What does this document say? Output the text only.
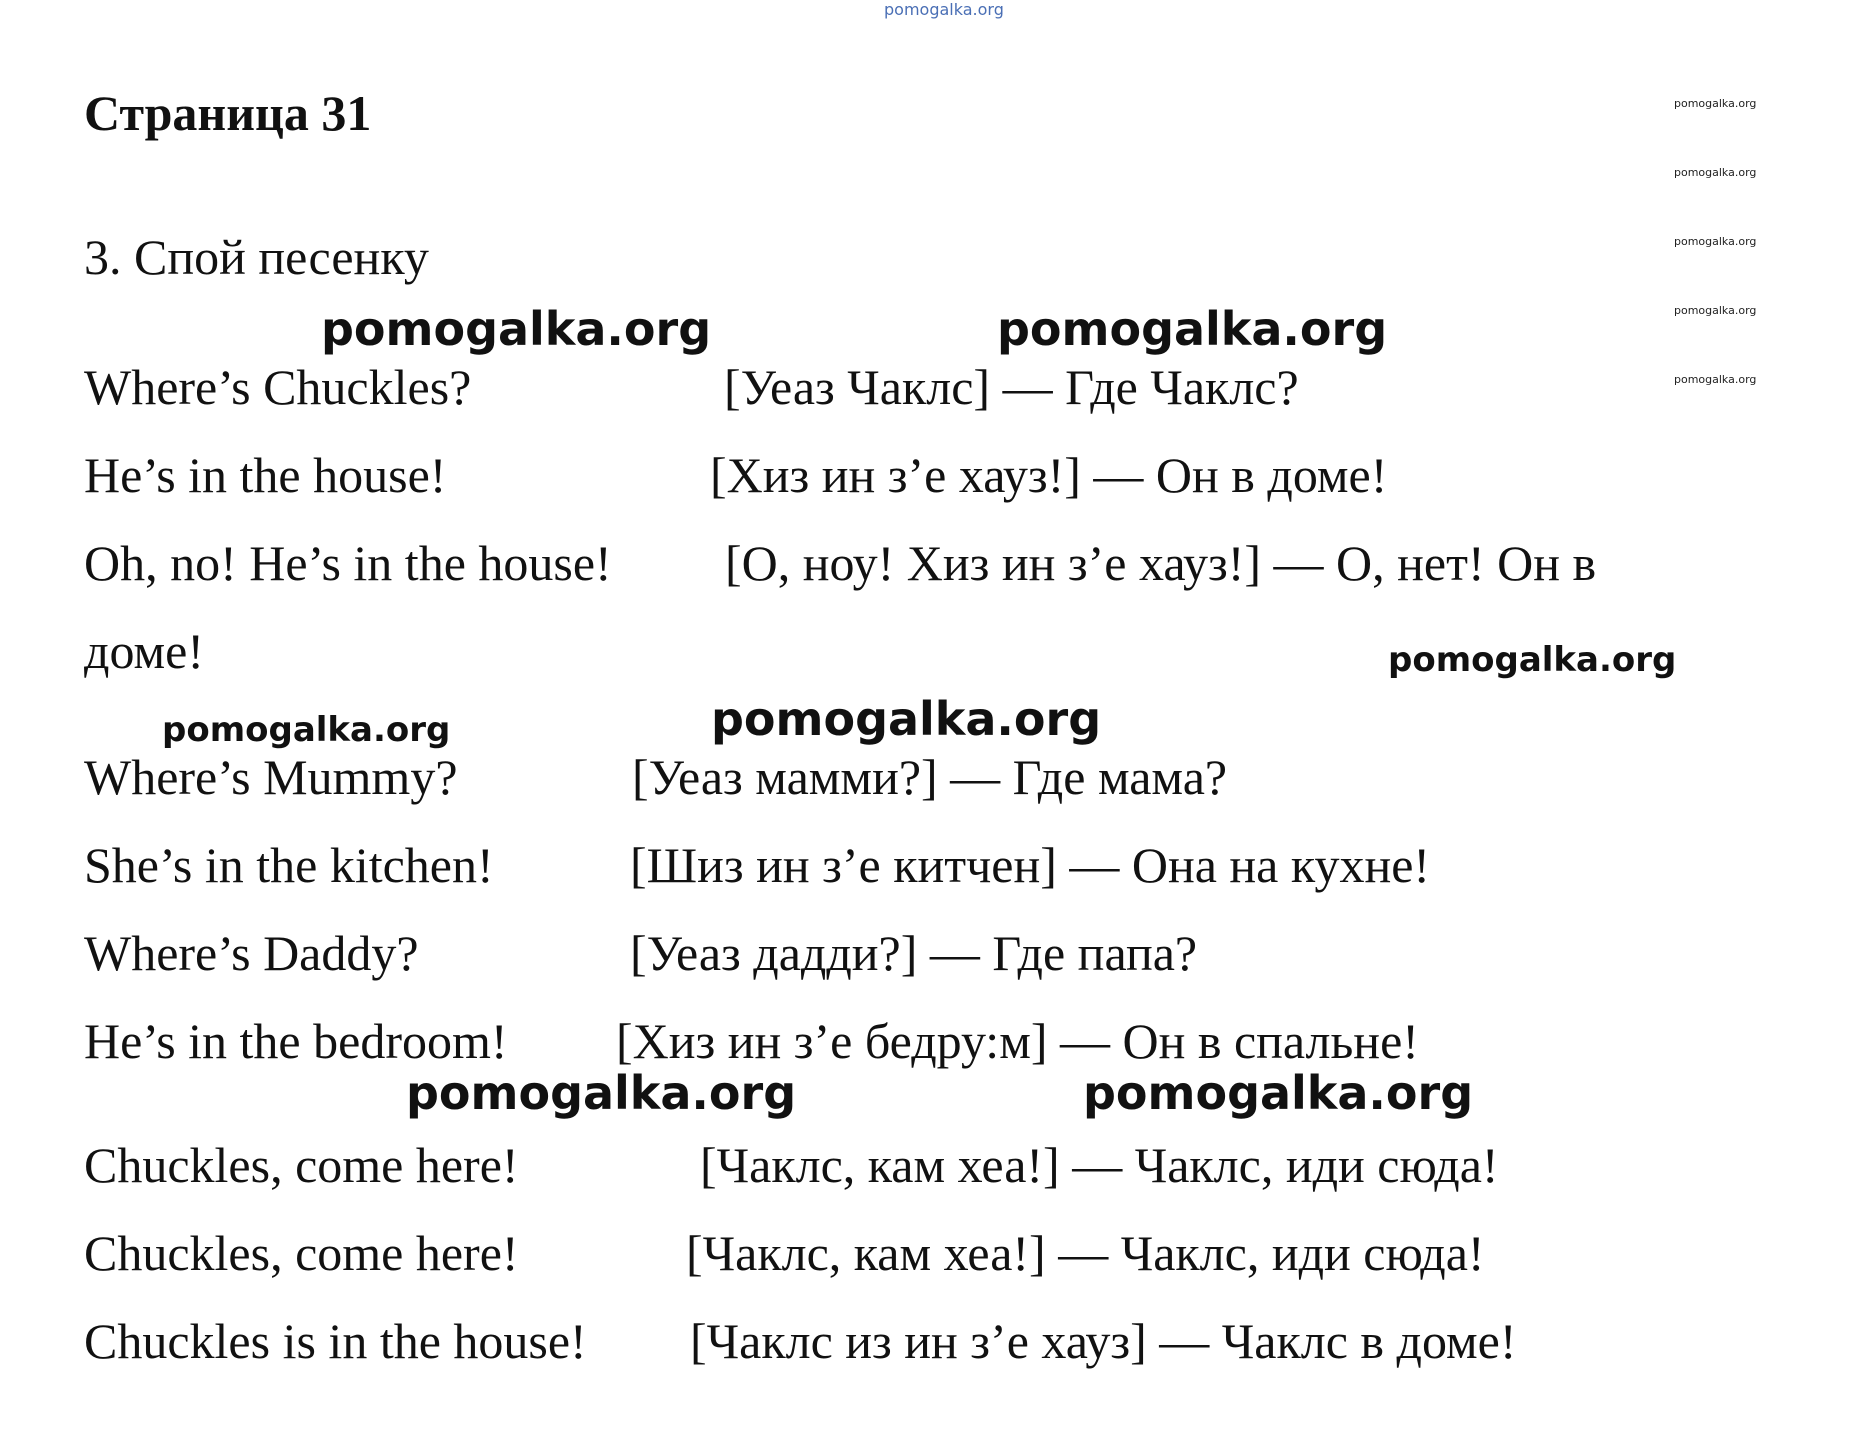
pomogalka.org
Страница 31	pomogalka.org
pomogalka.org
pomogalka.org
pomogalka.org
pomogalka.org
3. Спой песенку
pomogalka.org	pomogalka.org
Where’s Chuckles?	[Уеаз Чаклс] — Где Чаклс?
He’s in the house!	[Хиз ин з’е хауз!] — Он в доме!
Oh, no! He’s in the house! [О, ноу! Хиз ин з’е хауз!] — О, нет! Он в
доме!	pomogalka.org
pomogalka.org	pomogalka.org
Where’s Mummy?	[Уеаз мамми?] — Где мама?
She’s in the kitchen!	[Шиз ин з’е китчен] — Она на кухне!
Where’s Daddy?	[Уеаз дадди?] — Где папа?
He’s in the bedroom! [Хиз ин з’е бедру:м] — Он в спальне!
pomogalka.org	pomogalka.org
Chuckles, come here!	[Чаклс, кам хеа!] — Чаклс, иди сюда!
Chuckles, come here!	[Чаклс, кам хеа!] — Чаклс, иди сюда!
Chuckles is in the house! [Чаклс из ин з’е хауз] — Чаклс в доме!
